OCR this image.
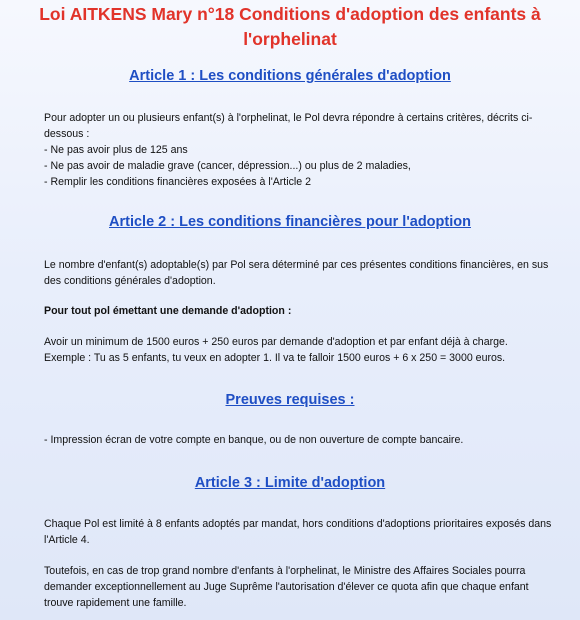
Loi AITKENS Mary n°18 Conditions d'adoption des enfants à
l'orphelinat
Article 1 : Les conditions générales d'adoption
Pour adopter un ou plusieurs enfant(s) à l'orphelinat, le Pol devra répondre à certains critères, décrits ci-
dessous :
- Ne pas avoir plus de 125 ans
- Ne pas avoir de maladie grave (cancer, dépression...) ou plus de 2 maladies,
- Remplir les conditions financières exposées à l'Article 2
Article 2 : Les conditions financières pour l'adoption
Le nombre d'enfant(s) adoptable(s) par Pol sera déterminé par ces présentes conditions financières, en sus
des conditions générales d'adoption.
Pour tout pol émettant une demande d'adoption :
Avoir un minimum de 1500 euros + 250 euros par demande d'adoption et par enfant déjà à charge.
Exemple : Tu as 5 enfants, tu veux en adopter 1. Il va te falloir 1500 euros + 6 x 250 = 3000 euros.
Preuves requises :
- Impression écran de votre compte en banque, ou de non ouverture de compte bancaire.
Article 3 : Limite d'adoption
Chaque Pol est limité à 8 enfants adoptés par mandat, hors conditions d'adoptions prioritaires exposés dans
l'Article 4.
Toutefois, en cas de trop grand nombre d'enfants à l'orphelinat, le Ministre des Affaires Sociales pourra
demander exceptionnellement au Juge Suprême l'autorisation d'élever ce quota afin que chaque enfant
trouve rapidement une famille.
